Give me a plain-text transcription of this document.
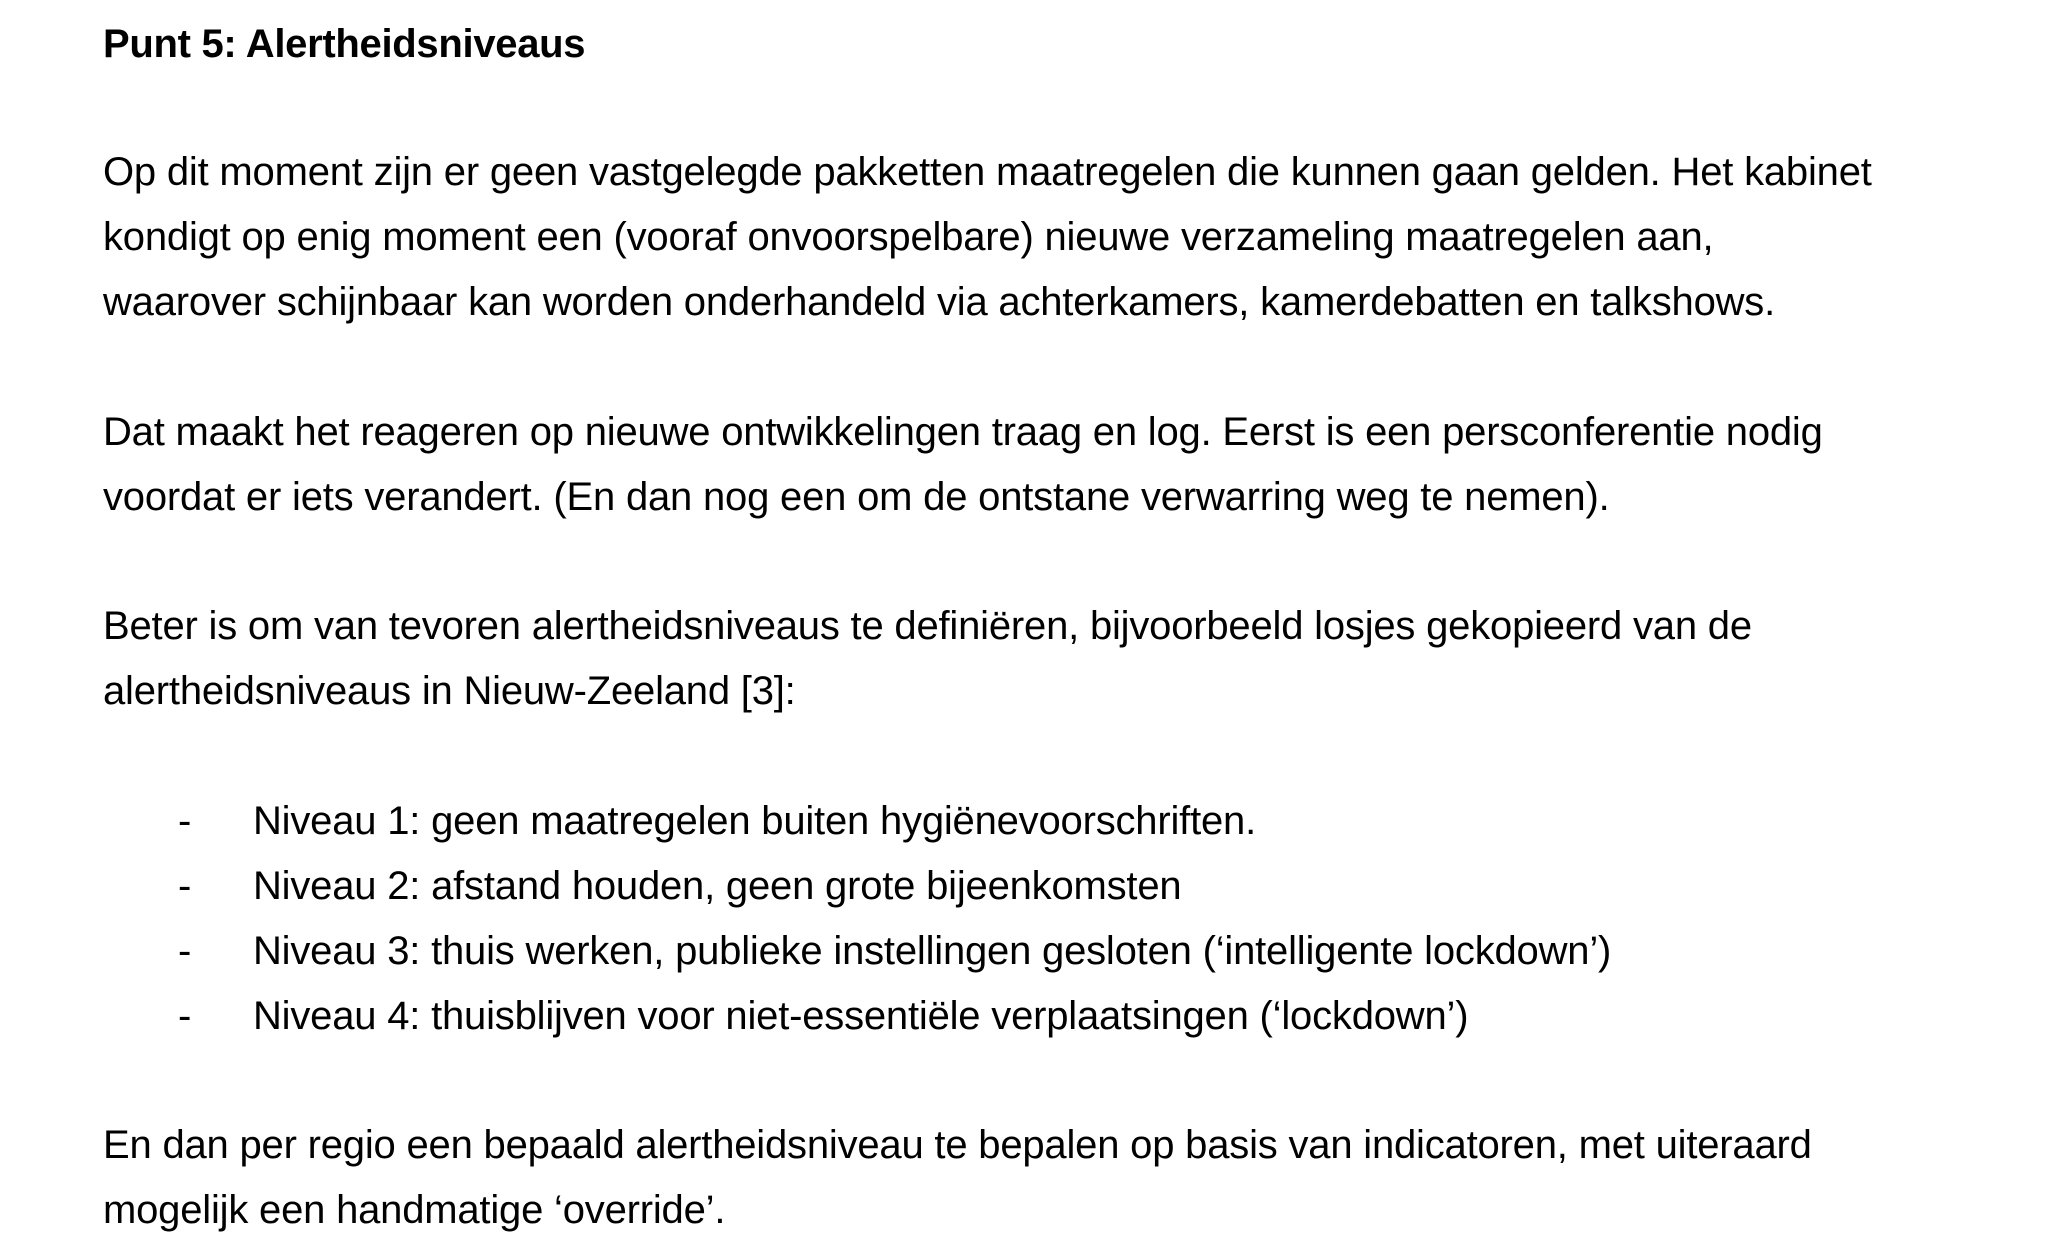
Punt 5: Alertheidsniveaus

Op dit moment zijn er geen vastgelegde pakketten maatregelen die kunnen gaan gelden. Het kabinet
kondigt op enig moment een (vooraf onvoorspelbare) nieuwe verzameling maatregelen aan,
waarover schijnbaar kan worden onderhandeld via achterkamers, kamerdebatten en talkshows.

Dat maakt het reageren op nieuwe ontwikkelingen traag en log. Eerst is een persconferentie nodig
voordat er iets verandert. (En dan nog een om de ontstane verwarring weg te nemen).

Beter is om van tevoren alertheidsniveaus te definiëren, bijvoorbeeld losjes gekopieerd van de
alertheidsniveaus in Nieuw-Zeeland [3]:

- Niveau 1: geen maatregelen buiten hygiënevoorschriften.
- Niveau 2: afstand houden, geen grote bijeenkomsten
- Niveau 3: thuis werken, publieke instellingen gesloten (‘intelligente lockdown’)
- Niveau 4: thuisblijven voor niet-essentiële verplaatsingen (‘lockdown’)

En dan per regio een bepaald alertheidsniveau te bepalen op basis van indicatoren, met uiteraard
mogelijk een handmatige ‘override’.
